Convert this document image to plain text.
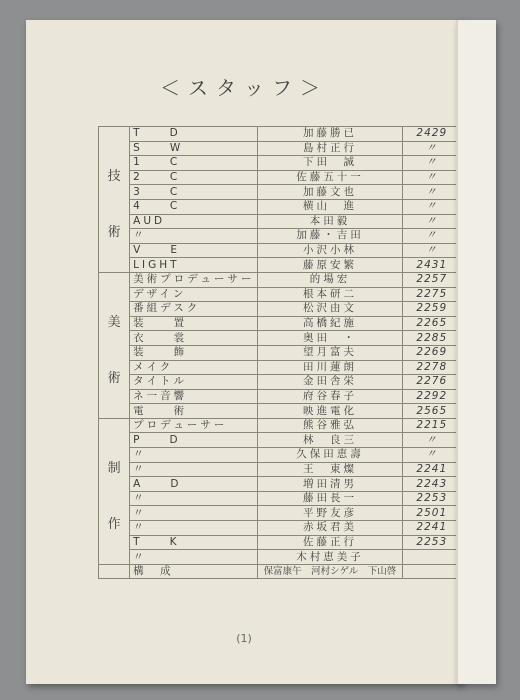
＜スタッフ＞
技
術	T　　D	加藤勝已	2429
	S　　W	島村正行	〃
	1　　C	下田　誠	〃
	2　　C	佐藤五十一	〃
	3　　C	加藤文也	〃
	4　　C	横山　進	〃
	AUD	本田毅	〃
	〃	加藤・吉田	〃
	V　　E	小沢小林	〃
	LIGHT	藤原安繁	2431

美
術	美術プロデューサー	的場宏	2257
	デザイン	根本研二	2275
	番組デスク	松沢由文	2259
	装　　置	高橋紀施	2265
	衣　　裳	奥田　・	2285
	装　　飾	望月富夫	2269
	メイク	田川蓮朗	2278
	タイトル	金田舎栄	2276
	ネ一音響	府谷春子	2292
	電　　術	映進電化	2565

制
作	プロデューサー	熊谷雅弘	2215
	P　　D	林　良三	〃
	〃	久保田恵壽	〃
	〃	王　東燦	2241
	A　　D	増田清男	2243
	〃	藤田長一	2253
	〃	平野友彦	2501
	〃	赤坂君美	2241
	T　　K	佐藤正行	2253
	〃	木村恵美子	
	構　成	保富康午　河村シゲル　下山啓	
(1)
